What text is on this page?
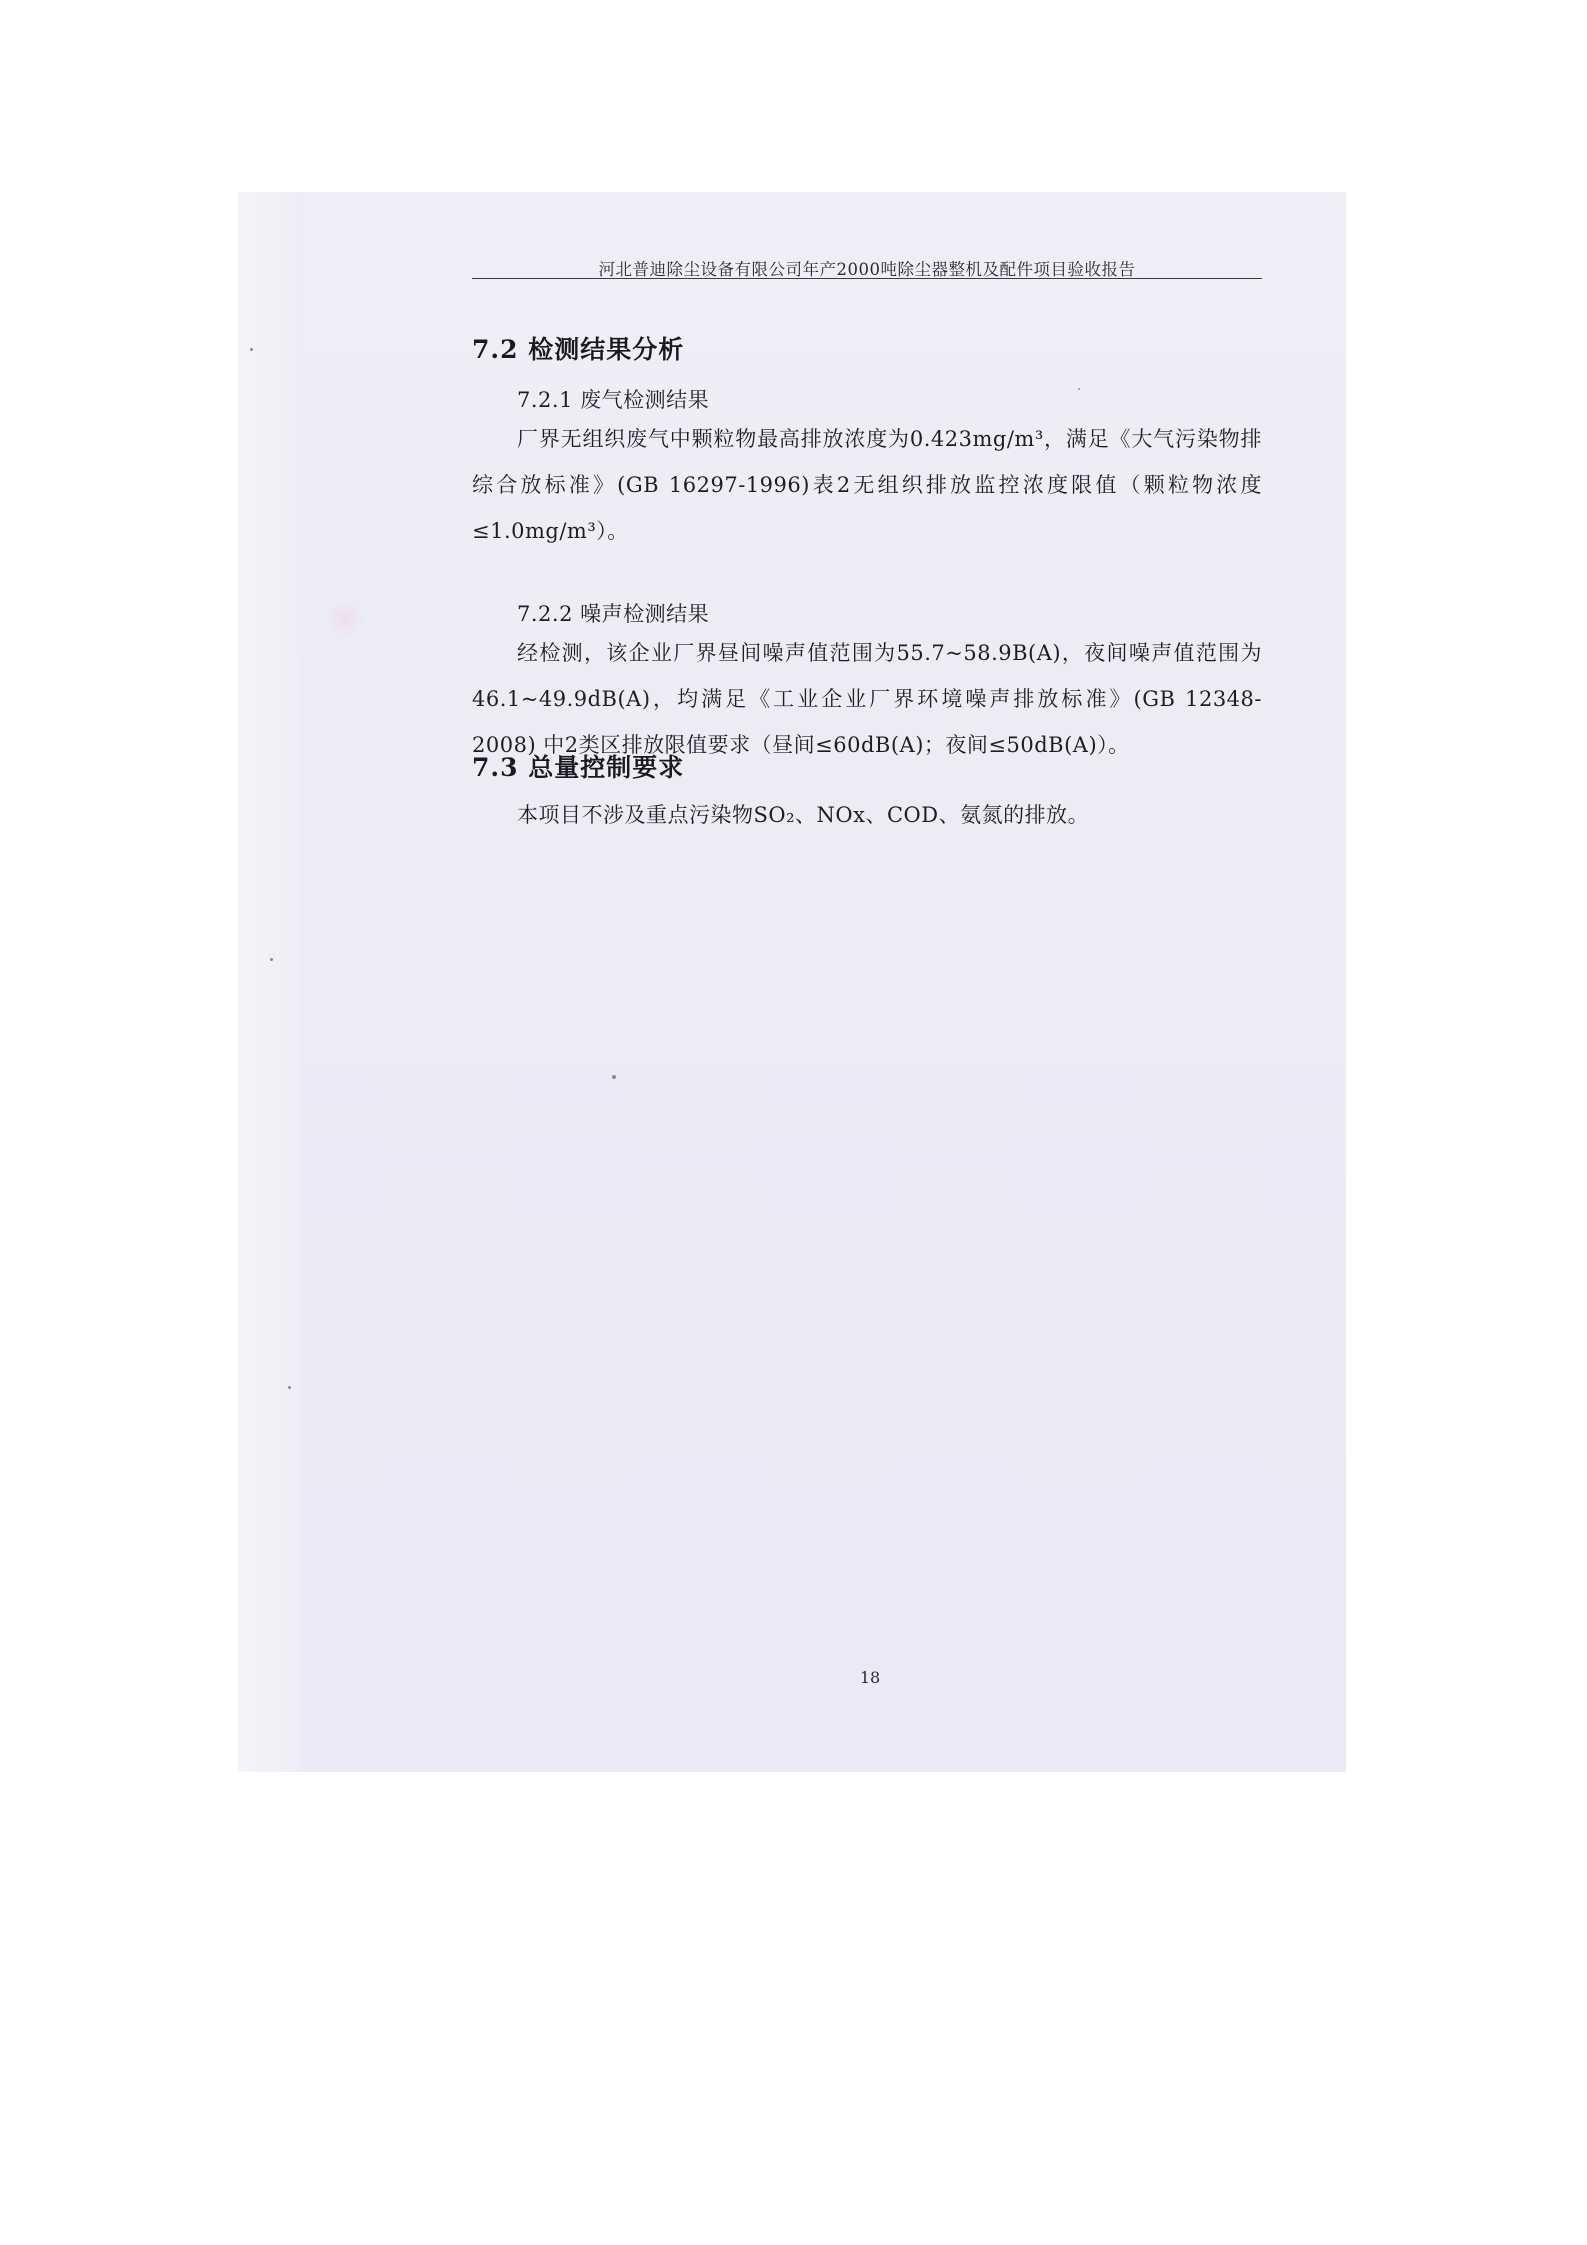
河北普迪除尘设备有限公司年产2000吨除尘器整机及配件项目验收报告
7.2 检测结果分析
7.2.1 废气检测结果

厂界无组织废气中颗粒物最高排放浓度为0.423mg/m³，满足《大气污染物排综合放标准》(GB 16297-1996)表2无组织排放监控浓度限值（颗粒物浓度≤1.0mg/m³）。

7.2.2 噪声检测结果

经检测，该企业厂界昼间噪声值范围为55.7~58.9B(A)，夜间噪声值范围为46.1~49.9dB(A)，均满足《工业企业厂界环境噪声排放标准》(GB 12348-2008) 中2类区排放限值要求（昼间≤60dB(A)；夜间≤50dB(A)）。

7.3 总量控制要求

本项目不涉及重点污染物SO₂、NOx、COD、氨氮的排放。

18
